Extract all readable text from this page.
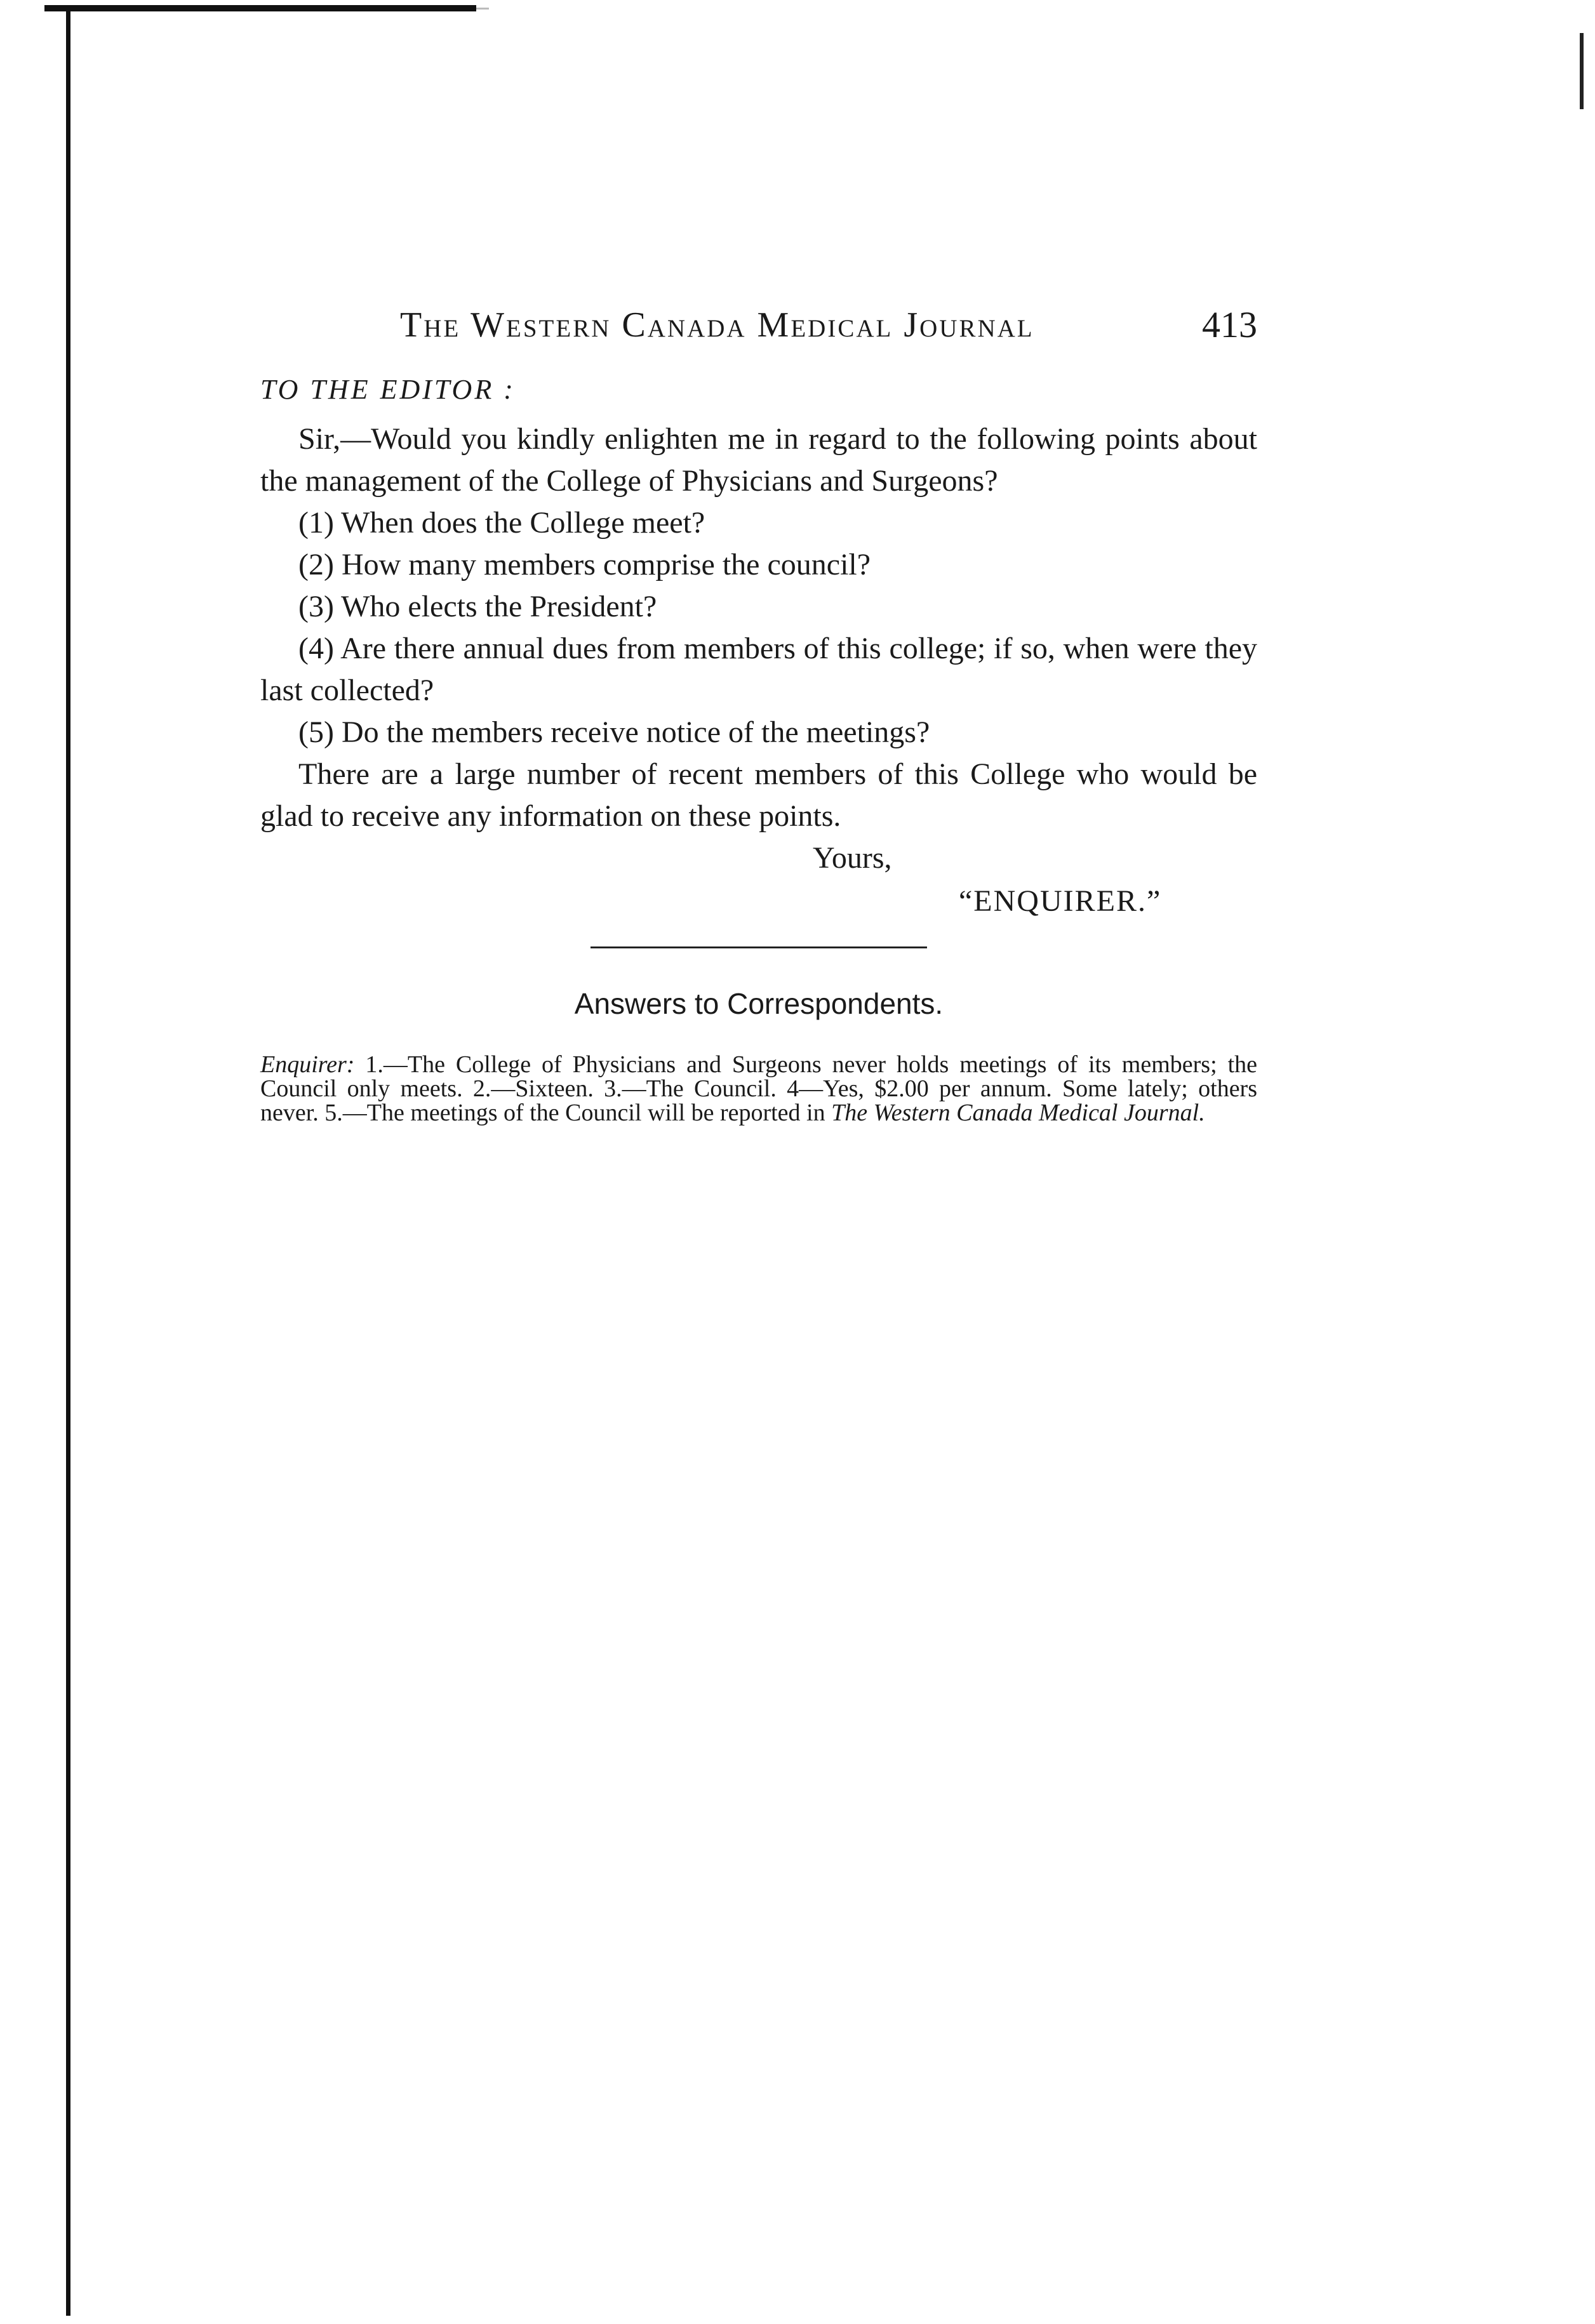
The Western Canada Medical Journal	413
TO THE EDITOR :

Sir,—Would you kindly enlighten me in regard to the following points about the management of the College of Physicians and Surgeons?

(1) When does the College meet?

(2) How many members comprise the council?

(3) Who elects the President?

(4) Are there annual dues from members of this college; if so, when were they last collected?

(5) Do the members receive notice of the meetings?

There are a large number of recent members of this College who would be glad to receive any information on these points.

Yours,
“ENQUIRER.”
Answers to Correspondents.
Enquirer: 1.—The College of Physicians and Surgeons never holds meetings of its members; the Council only meets. 2.—Sixteen. 3.—The Council. 4—Yes, $2.00 per annum. Some lately; others never. 5.—The meetings of the Council will be reported in The Western Canada Medical Journal.
